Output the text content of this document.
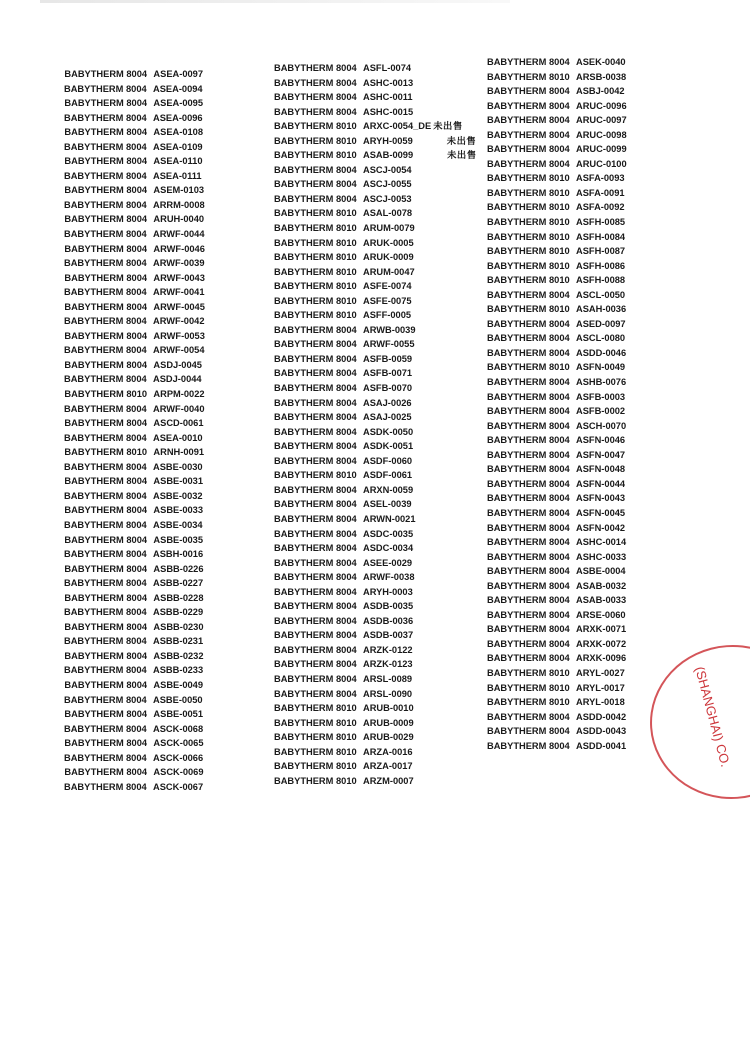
BABYTHERM 8004 ASEA-0097
BABYTHERM 8004 ASEA-0094
BABYTHERM 8004 ASEA-0095
BABYTHERM 8004 ASEA-0096
BABYTHERM 8004 ASEA-0108
BABYTHERM 8004 ASEA-0109
BABYTHERM 8004 ASEA-0110
BABYTHERM 8004 ASEA-0111
BABYTHERM 8004 ASEM-0103
BABYTHERM 8004 ARRM-0008
BABYTHERM 8004 ARUH-0040
BABYTHERM 8004 ARWF-0044
BABYTHERM 8004 ARWF-0046
BABYTHERM 8004 ARWF-0039
BABYTHERM 8004 ARWF-0043
BABYTHERM 8004 ARWF-0041
BABYTHERM 8004 ARWF-0045
BABYTHERM 8004 ARWF-0042
BABYTHERM 8004 ARWF-0053
BABYTHERM 8004 ARWF-0054
BABYTHERM 8004 ASDJ-0045
BABYTHERM 8004 ASDJ-0044
BABYTHERM 8010 ARPM-0022
BABYTHERM 8004 ARWF-0040
BABYTHERM 8004 ASCD-0061
BABYTHERM 8004 ASEA-0010
BABYTHERM 8010 ARNH-0091
BABYTHERM 8004 ASBE-0030
BABYTHERM 8004 ASBE-0031
BABYTHERM 8004 ASBE-0032
BABYTHERM 8004 ASBE-0033
BABYTHERM 8004 ASBE-0034
BABYTHERM 8004 ASBE-0035
BABYTHERM 8004 ASBH-0016
BABYTHERM 8004 ASBB-0226
BABYTHERM 8004 ASBB-0227
BABYTHERM 8004 ASBB-0228
BABYTHERM 8004 ASBB-0229
BABYTHERM 8004 ASBB-0230
BABYTHERM 8004 ASBB-0231
BABYTHERM 8004 ASBB-0232
BABYTHERM 8004 ASBB-0233
BABYTHERM 8004 ASBE-0049
BABYTHERM 8004 ASBE-0050
BABYTHERM 8004 ASBE-0051
BABYTHERM 8004 ASCK-0068
BABYTHERM 8004 ASCK-0065
BABYTHERM 8004 ASCK-0066
BABYTHERM 8004 ASCK-0069
BABYTHERM 8004 ASCK-0067
BABYTHERM 8004 ASFL-0074
BABYTHERM 8004 ASHC-0013
BABYTHERM 8004 ASHC-0011
BABYTHERM 8004 ASHC-0015
BABYTHERM 8010 ARXC-0054_DE 未出售
BABYTHERM 8010 ARYH-0059	未出售
BABYTHERM 8010 ASAB-0099	未出售
BABYTHERM 8004 ASCJ-0054
BABYTHERM 8004 ASCJ-0055
BABYTHERM 8004 ASCJ-0053
BABYTHERM 8010 ASAL-0078
BABYTHERM 8010 ARUM-0079
BABYTHERM 8010 ARUK-0005
BABYTHERM 8010 ARUK-0009
BABYTHERM 8010 ARUM-0047
BABYTHERM 8010 ASFE-0074
BABYTHERM 8010 ASFE-0075
BABYTHERM 8010 ASFF-0005
BABYTHERM 8004 ARWB-0039
BABYTHERM 8004 ARWF-0055
BABYTHERM 8004 ASFB-0059
BABYTHERM 8004 ASFB-0071
BABYTHERM 8004 ASFB-0070
BABYTHERM 8004 ASAJ-0026
BABYTHERM 8004 ASAJ-0025
BABYTHERM 8004 ASDK-0050
BABYTHERM 8004 ASDK-0051
BABYTHERM 8004 ASDF-0060
BABYTHERM 8010 ASDF-0061
BABYTHERM 8004 ARXN-0059
BABYTHERM 8004 ASEL-0039
BABYTHERM 8004 ARWN-0021
BABYTHERM 8004 ASDC-0035
BABYTHERM 8004 ASDC-0034
BABYTHERM 8004 ASEE-0029
BABYTHERM 8004 ARWF-0038
BABYTHERM 8004 ARYH-0003
BABYTHERM 8004 ASDB-0035
BABYTHERM 8004 ASDB-0036
BABYTHERM 8004 ASDB-0037
BABYTHERM 8004 ARZK-0122
BABYTHERM 8004 ARZK-0123
BABYTHERM 8004 ARSL-0089
BABYTHERM 8004 ARSL-0090
BABYTHERM 8010 ARUB-0010
BABYTHERM 8010 ARUB-0009
BABYTHERM 8010 ARUB-0029
BABYTHERM 8010 ARZA-0016
BABYTHERM 8010 ARZA-0017
BABYTHERM 8010 ARZM-0007
BABYTHERM 8004 ASEK-0040
BABYTHERM 8010 ARSB-0038
BABYTHERM 8004 ASBJ-0042
BABYTHERM 8004 ARUC-0096
BABYTHERM 8004 ARUC-0097
BABYTHERM 8004 ARUC-0098
BABYTHERM 8004 ARUC-0099
BABYTHERM 8004 ARUC-0100
BABYTHERM 8010 ASFA-0093
BABYTHERM 8010 ASFA-0091
BABYTHERM 8010 ASFA-0092
BABYTHERM 8010 ASFH-0085
BABYTHERM 8010 ASFH-0084
BABYTHERM 8010 ASFH-0087
BABYTHERM 8010 ASFH-0086
BABYTHERM 8010 ASFH-0088
BABYTHERM 8004 ASCL-0050
BABYTHERM 8010 ASAH-0036
BABYTHERM 8004 ASED-0097
BABYTHERM 8004 ASCL-0080
BABYTHERM 8004 ASDD-0046
BABYTHERM 8010 ASFN-0049
BABYTHERM 8004 ASHB-0076
BABYTHERM 8004 ASFB-0003
BABYTHERM 8004 ASFB-0002
BABYTHERM 8004 ASCH-0070
BABYTHERM 8004 ASFN-0046
BABYTHERM 8004 ASFN-0047
BABYTHERM 8004 ASFN-0048
BABYTHERM 8004 ASFN-0044
BABYTHERM 8004 ASFN-0043
BABYTHERM 8004 ASFN-0045
BABYTHERM 8004 ASFN-0042
BABYTHERM 8004 ASHC-0014
BABYTHERM 8004 ASHC-0033
BABYTHERM 8004 ASBE-0004
BABYTHERM 8004 ASAB-0032
BABYTHERM 8004 ASAB-0033
BABYTHERM 8004 ARSE-0060
BABYTHERM 8004 ARXK-0071
BABYTHERM 8004 ARXK-0072
BABYTHERM 8004 ARXK-0096
BABYTHERM 8010 ARYL-0027
BABYTHERM 8010 ARYL-0017
BABYTHERM 8010 ARYL-0018
BABYTHERM 8004 ASDD-0042
BABYTHERM 8004 ASDD-0043
BABYTHERM 8004 ASDD-0041	(SHANGHAI) CO.
